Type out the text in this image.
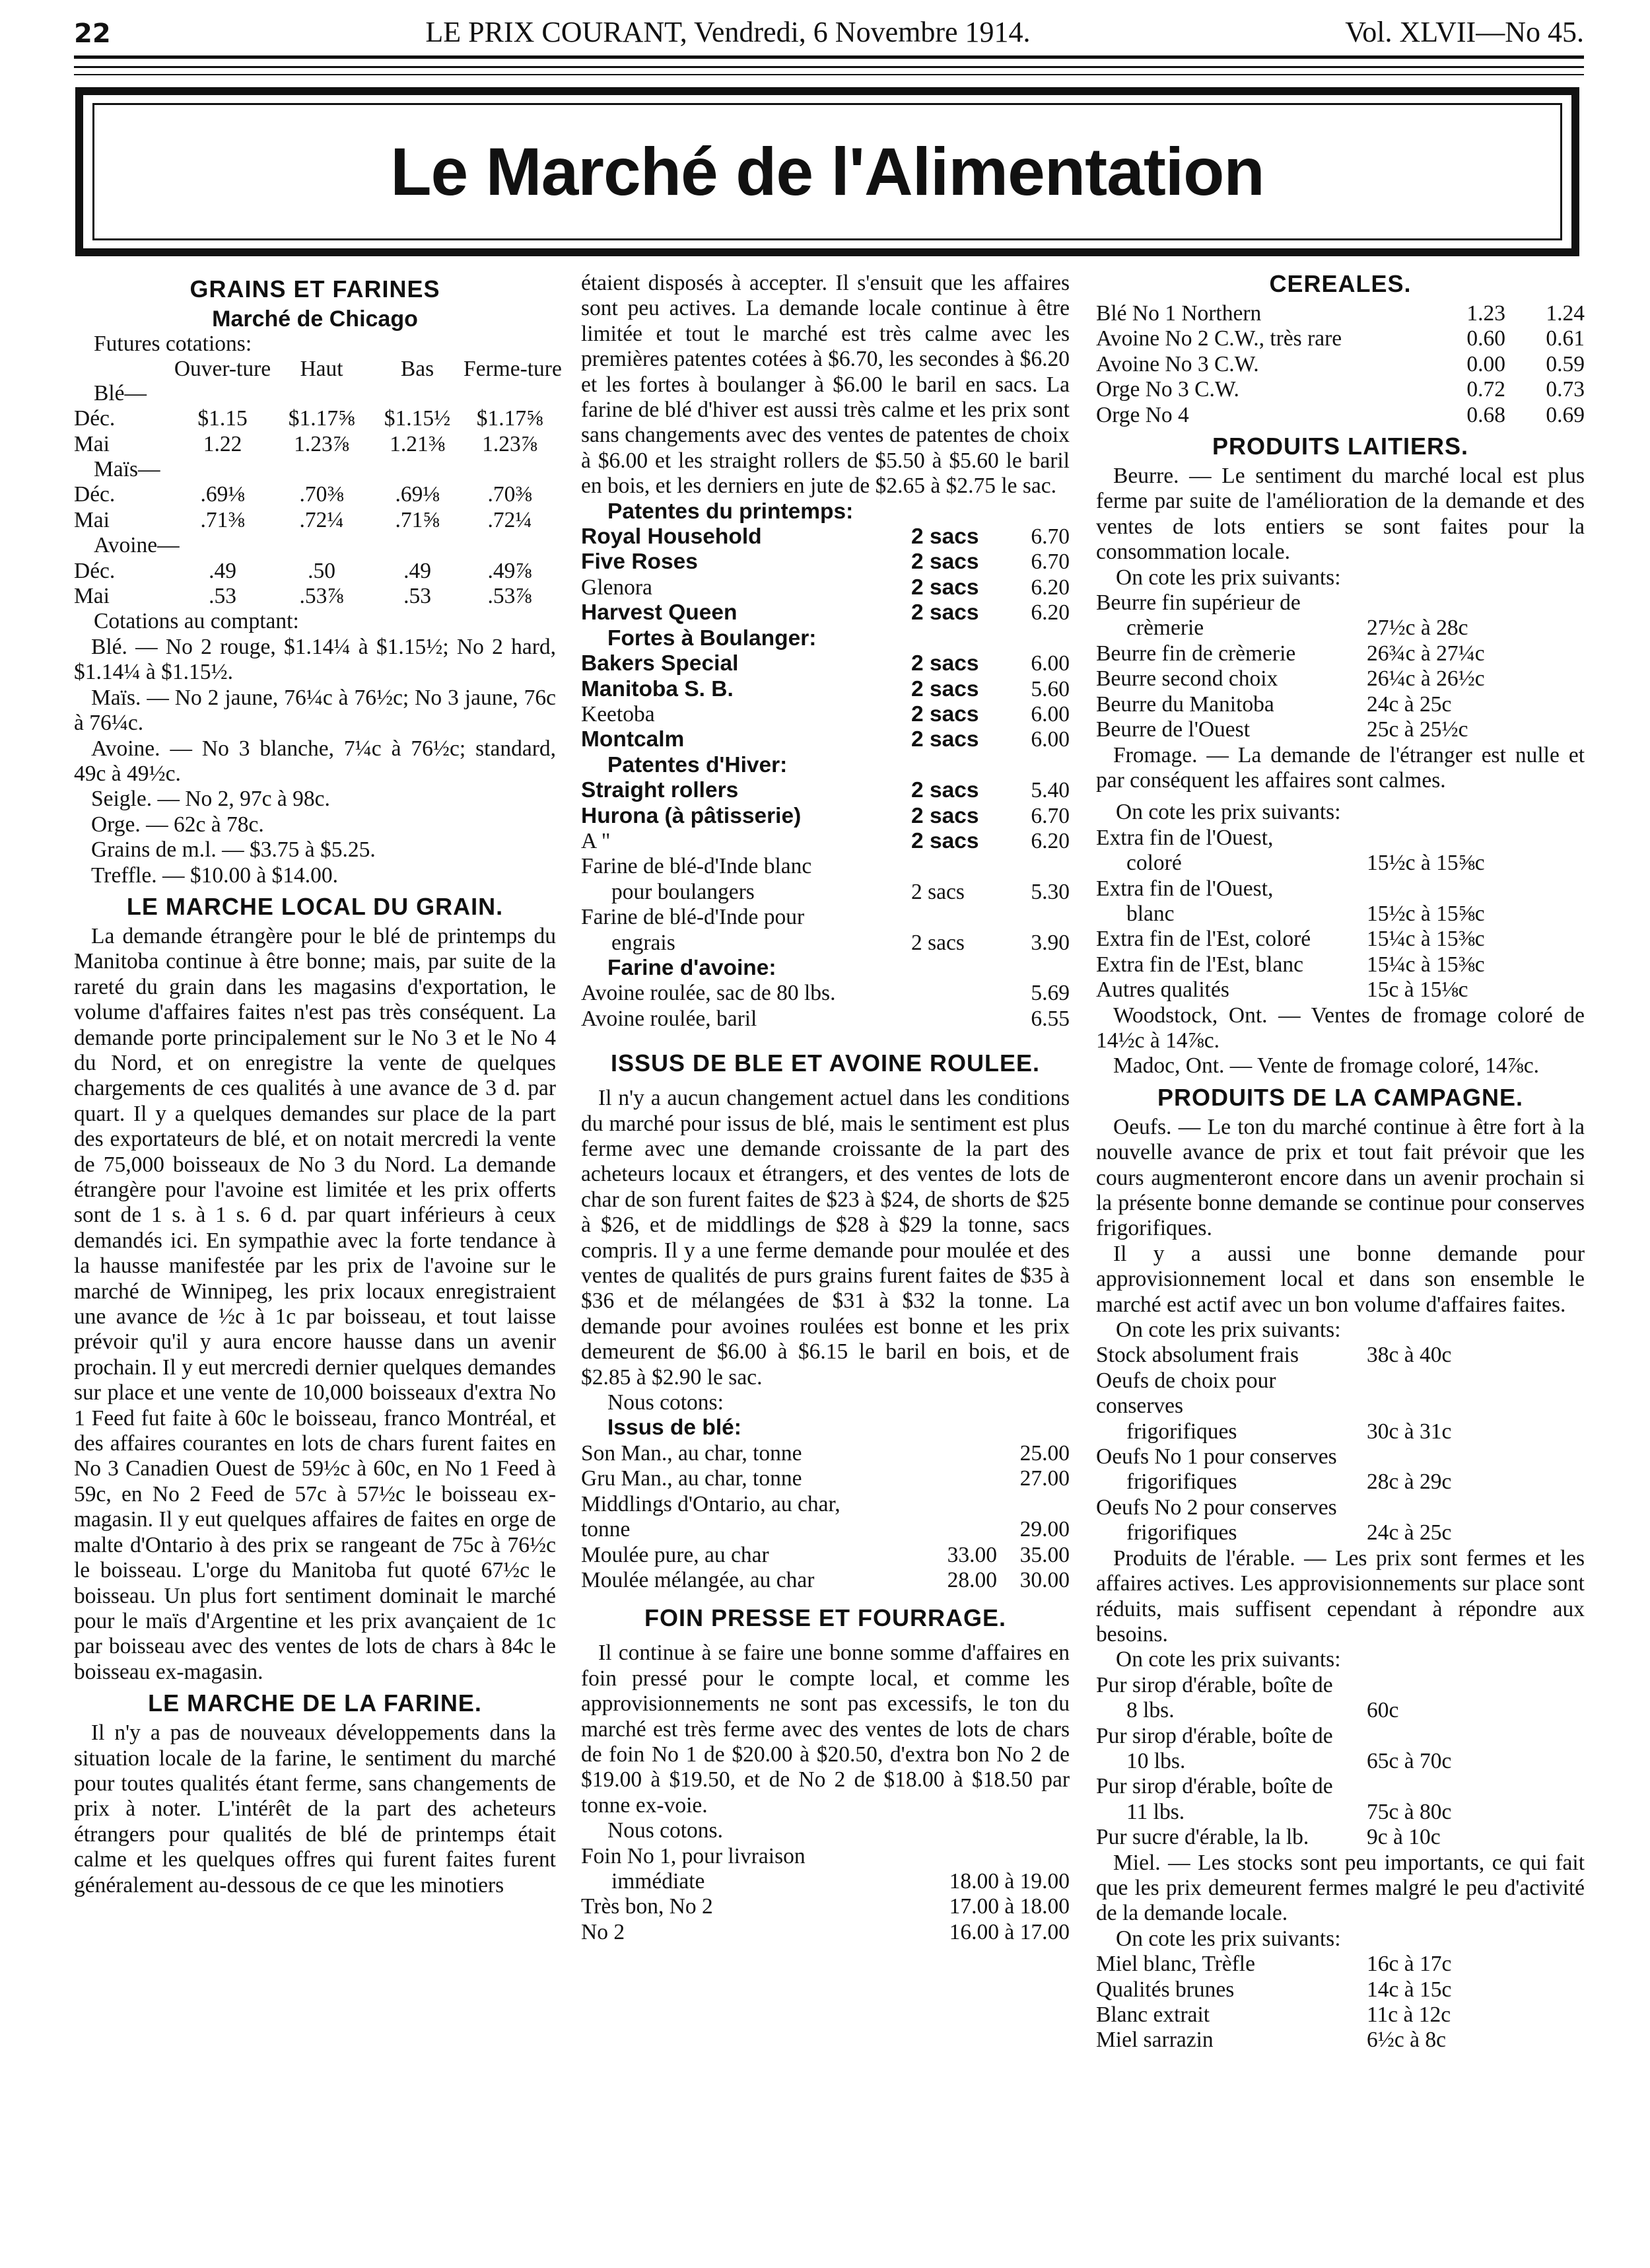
22	LE PRIX COURANT, Vendredi, 6 Novembre 1914.	Vol. XLVII—No 45.
Le Marché de l'Alimentation
GRAINS ET FARINES
Marché de Chicago
Futures cotations:
Ouver-ture	Haut	Bas	Ferme-ture
Blé—
Déc.	$1.15	$1.17⅝	$1.15½	$1.17⅝
Mai	1.22	1.23⅞	1.21⅜	1.23⅞
Maïs—
Déc.	.69⅛	.70⅜	.69⅛	.70⅜
Mai	.71⅜	.72¼	.71⅝	.72¼
Avoine—
Déc.	.49	.50	.49	.49⅞
Mai	.53	.53⅞	.53	.53⅞
Cotations au comptant:

Blé. — No 2 rouge, $1.14¼ à $1.15½; No 2 hard, $1.14¼ à $1.15½.

Maïs. — No 2 jaune, 76¼c à 76½c; No 3 jaune, 76c à 76¼c.

Avoine. — No 3 blanche, 7¼c à 76½c; standard, 49c à 49½c.

Seigle. — No 2, 97c à 98c.

Orge. — 62c à 78c.

Grains de m.l. — $3.75 à $5.25.

Treffle. — $10.00 à $14.00.

LE MARCHE LOCAL DU GRAIN.

La demande étrangère pour le blé de printemps du Manitoba continue à être bonne; mais, par suite de la rareté du grain dans les magasins d'exportation, le volume d'affaires faites n'est pas très conséquent. La demande porte principalement sur le No 3 et le No 4 du Nord, et on enregistre la vente de quelques chargements de ces qualités à une avance de 3 d. par quart. Il y a quelques demandes sur place de la part des exportateurs de blé, et on notait mercredi la vente de 75,000 boisseaux de No 3 du Nord. La demande étrangère pour l'avoine est limitée et les prix offerts sont de 1 s. à 1 s. 6 d. par quart inférieurs à ceux demandés ici. En sympathie avec la forte tendance à la hausse manifestée par les prix de l'avoine sur le marché de Winnipeg, les prix locaux enregistraient une avance de ½c à 1c par boisseau, et tout laisse prévoir qu'il y aura encore hausse dans un avenir prochain. Il y eut mercredi dernier quelques demandes sur place et une vente de 10,000 boisseaux d'extra No 1 Feed fut faite à 60c le boisseau, franco Montréal, et des affaires courantes en lots de chars furent faites en No 3 Canadien Ouest de 59½c à 60c, en No 1 Feed à 59c, en No 2 Feed de 57c à 57½c le boisseau ex-magasin. Il y eut quelques affaires de faites en orge de malte d'Ontario à des prix se rangeant de 75c à 76½c le boisseau. L'orge du Manitoba fut quoté 67½c le boisseau. Un plus fort sentiment dominait le marché pour le maïs d'Argentine et les prix avançaient de 1c par boisseau avec des ventes de lots de chars à 84c le boisseau ex-magasin.

LE MARCHE DE LA FARINE.

Il n'y a pas de nouveaux développements dans la situation locale de la farine, le sentiment du marché pour toutes qualités étant ferme, sans changements de prix à noter. L'intérêt de la part des acheteurs étrangers pour qualités de blé de printemps était calme et les quelques offres qui furent faites furent généralement au-dessous de ce que les minotiers

étaient disposés à accepter. Il s'ensuit que les affaires sont peu actives. La demande locale continue à être limitée et tout le marché est très calme avec les premières patentes cotées à $6.70, les secondes à $6.20 et les fortes à boulanger à $6.00 le baril en sacs. La farine de blé d'hiver est aussi très calme et les prix sont sans changements avec des ventes de patentes de choix à $6.00 et les straight rollers de $5.50 à $5.60 le baril en bois, et les derniers en jute de $2.65 à $2.75 le sac.

Patentes du printemps:
Royal Household	2 sacs	6.70
Five Roses	2 sacs	6.70
Glenora	2 sacs	6.20
Harvest Queen	2 sacs	6.20
Fortes à Boulanger:
Bakers Special	2 sacs	6.00
Manitoba S. B.	2 sacs	5.60
Keetoba	2 sacs	6.00
Montcalm	2 sacs	6.00
Patentes d'Hiver:
Straight rollers	2 sacs	5.40
Hurona (à pâtisserie)	2 sacs	6.70
A "	2 sacs	6.20
Farine de blé-d'Inde blanc
pour boulangers	2 sacs	5.30
Farine de blé-d'Inde pour
engrais	2 sacs	3.90
Farine d'avoine:
Avoine roulée, sac de 80 lbs.	5.69
Avoine roulée, baril	6.55
ISSUS DE BLE ET AVOINE ROULEE.

Il n'y a aucun changement actuel dans les conditions du marché pour issus de blé, mais le sentiment est plus ferme avec une demande croissante de la part des acheteurs locaux et étrangers, et des ventes de lots de char de son furent faites de $23 à $24, de shorts de $25 à $26, et de middlings de $28 à $29 la tonne, sacs compris. Il y a une ferme demande pour moulée et des ventes de qualités de purs grains furent faites de $35 à $36 et de mélangées de $31 à $32 la tonne. La demande pour avoines roulées est bonne et les prix demeurent de $6.00 à $6.15 le baril en bois, et de $2.85 à $2.90 le sac.

Nous cotons:
Issus de blé:
Son Man., au char, tonne	25.00
Gru Man., au char, tonne	27.00
Middlings d'Ontario, au char,
tonne	29.00
Moulée pure, au char	33.00	35.00
Moulée mélangée, au char	28.00	30.00
FOIN PRESSE ET FOURRAGE.

Il continue à se faire une bonne somme d'affaires en foin pressé pour le compte local, et comme les approvisionnements ne sont pas excessifs, le ton du marché est très ferme avec des ventes de lots de chars de foin No 1 de $20.00 à $20.50, d'extra bon No 2 de $19.00 à $19.50, et de No 2 de $18.00 à $18.50 par tonne ex-voie.

Nous cotons.
Foin No 1, pour livraison
immédiate	18.00 à 19.00
Très bon, No 2	17.00 à 18.00
No 2	16.00 à 17.00
CEREALES.
Blé No 1 Northern	1.23	1.24
Avoine No 2 C.W., très rare	0.60	0.61
Avoine No 3 C.W.	0.00	0.59
Orge No 3 C.W.	0.72	0.73
Orge No 4	0.68	0.69
PRODUITS LAITIERS.

Beurre. — Le sentiment du marché local est plus ferme par suite de l'amélioration de la demande et des ventes de lots entiers se sont faites pour la consommation locale.

On cote les prix suivants:
Beurre fin supérieur de
crèmerie	27½c à 28c
Beurre fin de crèmerie	26¾c à 27¼c
Beurre second choix	26¼c à 26½c
Beurre du Manitoba	24c à 25c
Beurre de l'Ouest	25c à 25½c

Fromage. — La demande de l'étranger est nulle et par conséquent les affaires sont calmes.

On cote les prix suivants:
Extra fin de l'Ouest,
coloré	15½c à 15⅝c
Extra fin de l'Ouest,
blanc	15½c à 15⅝c
Extra fin de l'Est, coloré	15¼c à 15⅜c
Extra fin de l'Est, blanc	15¼c à 15⅜c
Autres qualités	15c à 15⅛c

Woodstock, Ont. — Ventes de fromage coloré de 14½c à 14⅞c.

Madoc, Ont. — Vente de fromage coloré, 14⅞c.

PRODUITS DE LA CAMPAGNE.

Oeufs. — Le ton du marché continue à être fort à la nouvelle avance de prix et tout fait prévoir que les cours augmenteront encore dans un avenir prochain si la présente bonne demande se continue pour conserves frigorifiques.

Il y a aussi une bonne demande pour approvisionnement local et dans son ensemble le marché est actif avec un bon volume d'affaires faites.

On cote les prix suivants:
Stock absolument frais	38c à 40c
Oeufs de choix pour conserves
frigorifiques	30c à 31c
Oeufs No 1 pour conserves
frigorifiques	28c à 29c
Oeufs No 2 pour conserves
frigorifiques	24c à 25c

Produits de l'érable. — Les prix sont fermes et les affaires actives. Les approvisionnements sur place sont réduits, mais suffisent cependant à répondre aux besoins.

On cote les prix suivants:
Pur sirop d'érable, boîte de
8 lbs.	60c
Pur sirop d'érable, boîte de
10 lbs.	65c à 70c
Pur sirop d'érable, boîte de
11 lbs.	75c à 80c
Pur sucre d'érable, la lb.	9c à 10c

Miel. — Les stocks sont peu importants, ce qui fait que les prix demeurent fermes malgré le peu d'activité de la demande locale.

On cote les prix suivants:
Miel blanc, Trèfle	16c à 17c
Qualités brunes	14c à 15c
Blanc extrait	11c à 12c
Miel sarrazin	6½c à 8c
